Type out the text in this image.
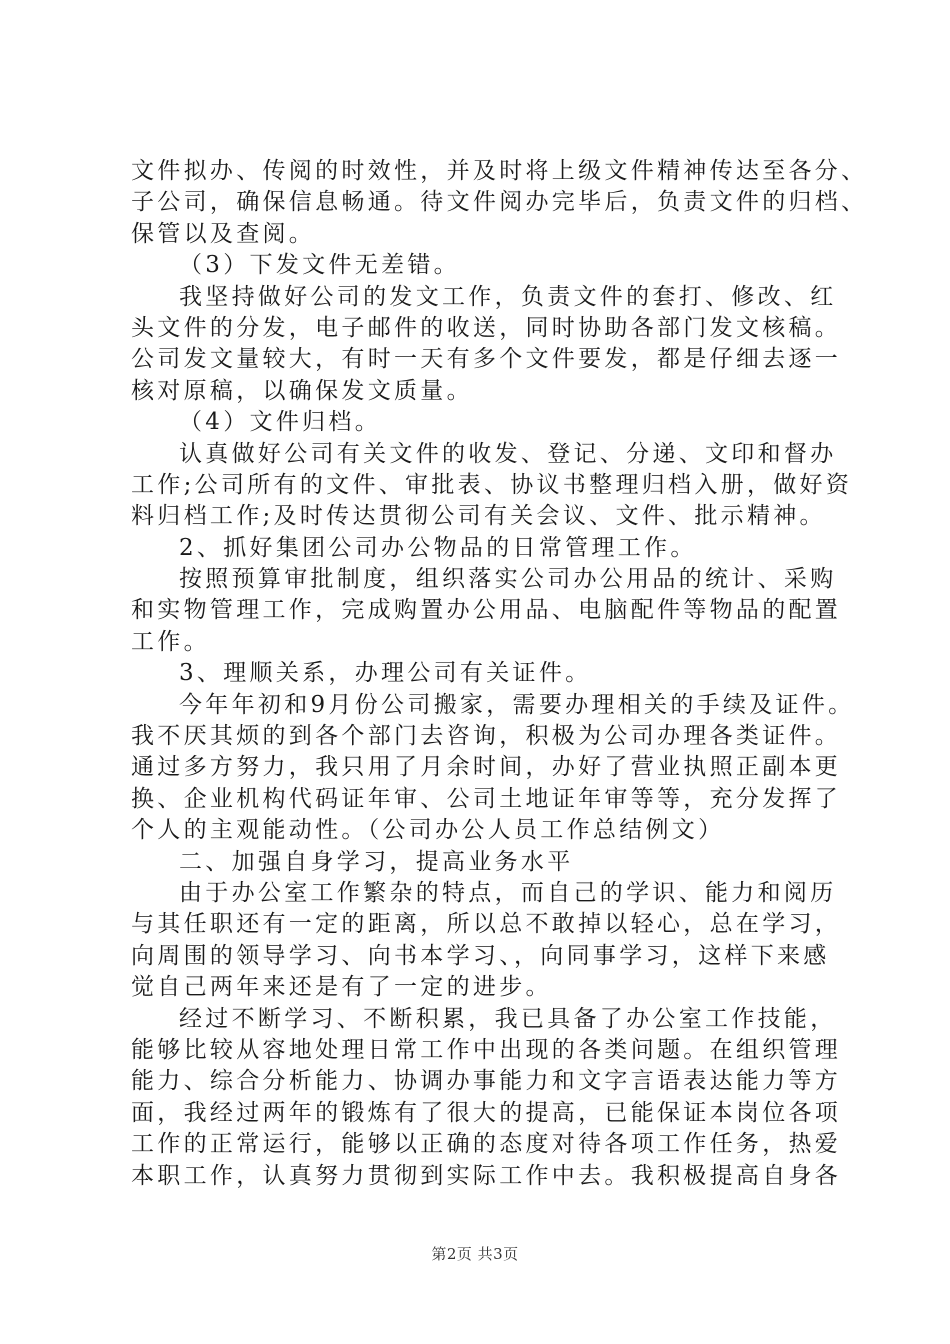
文件拟办、传阅的时效性，并及时将上级文件精神传达至各分、
子公司，确保信息畅通。待文件阅办完毕后，负责文件的归档、
保管以及查阅。
（3）下发文件无差错。
我坚持做好公司的发文工作，负责文件的套打、修改、红
头文件的分发，电子邮件的收送，同时协助各部门发文核稿。
公司发文量较大，有时一天有多个文件要发，都是仔细去逐一
核对原稿，以确保发文质量。
（4）文件归档。
认真做好公司有关文件的收发、登记、分递、文印和督办
工作;公司所有的文件、审批表、协议书整理归档入册，做好资
料归档工作;及时传达贯彻公司有关会议、文件、批示精神。
2、抓好集团公司办公物品的日常管理工作。
按照预算审批制度，组织落实公司办公用品的统计、采购
和实物管理工作，完成购置办公用品、电脑配件等物品的配置
工作。
3、理顺关系，办理公司有关证件。
今年年初和9月份公司搬家，需要办理相关的手续及证件。
我不厌其烦的到各个部门去咨询，积极为公司办理各类证件。
通过多方努力，我只用了月余时间，办好了营业执照正副本更
换、企业机构代码证年审、公司土地证年审等等，充分发挥了
个人的主观能动性。（公司办公人员工作总结例文）
二、加强自身学习，提高业务水平
由于办公室工作繁杂的特点，而自己的学识、能力和阅历
与其任职还有一定的距离，所以总不敢掉以轻心，总在学习，
向周围的领导学习、向书本学习、，向同事学习，这样下来感
觉自己两年来还是有了一定的进步。
经过不断学习、不断积累，我已具备了办公室工作技能，
能够比较从容地处理日常工作中出现的各类问题。在组织管理
能力、综合分析能力、协调办事能力和文字言语表达能力等方
面，我经过两年的锻炼有了很大的提高，已能保证本岗位各项
工作的正常运行，能够以正确的态度对待各项工作任务，热爱
本职工作，认真努力贯彻到实际工作中去。我积极提高自身各
第2页 共3页
